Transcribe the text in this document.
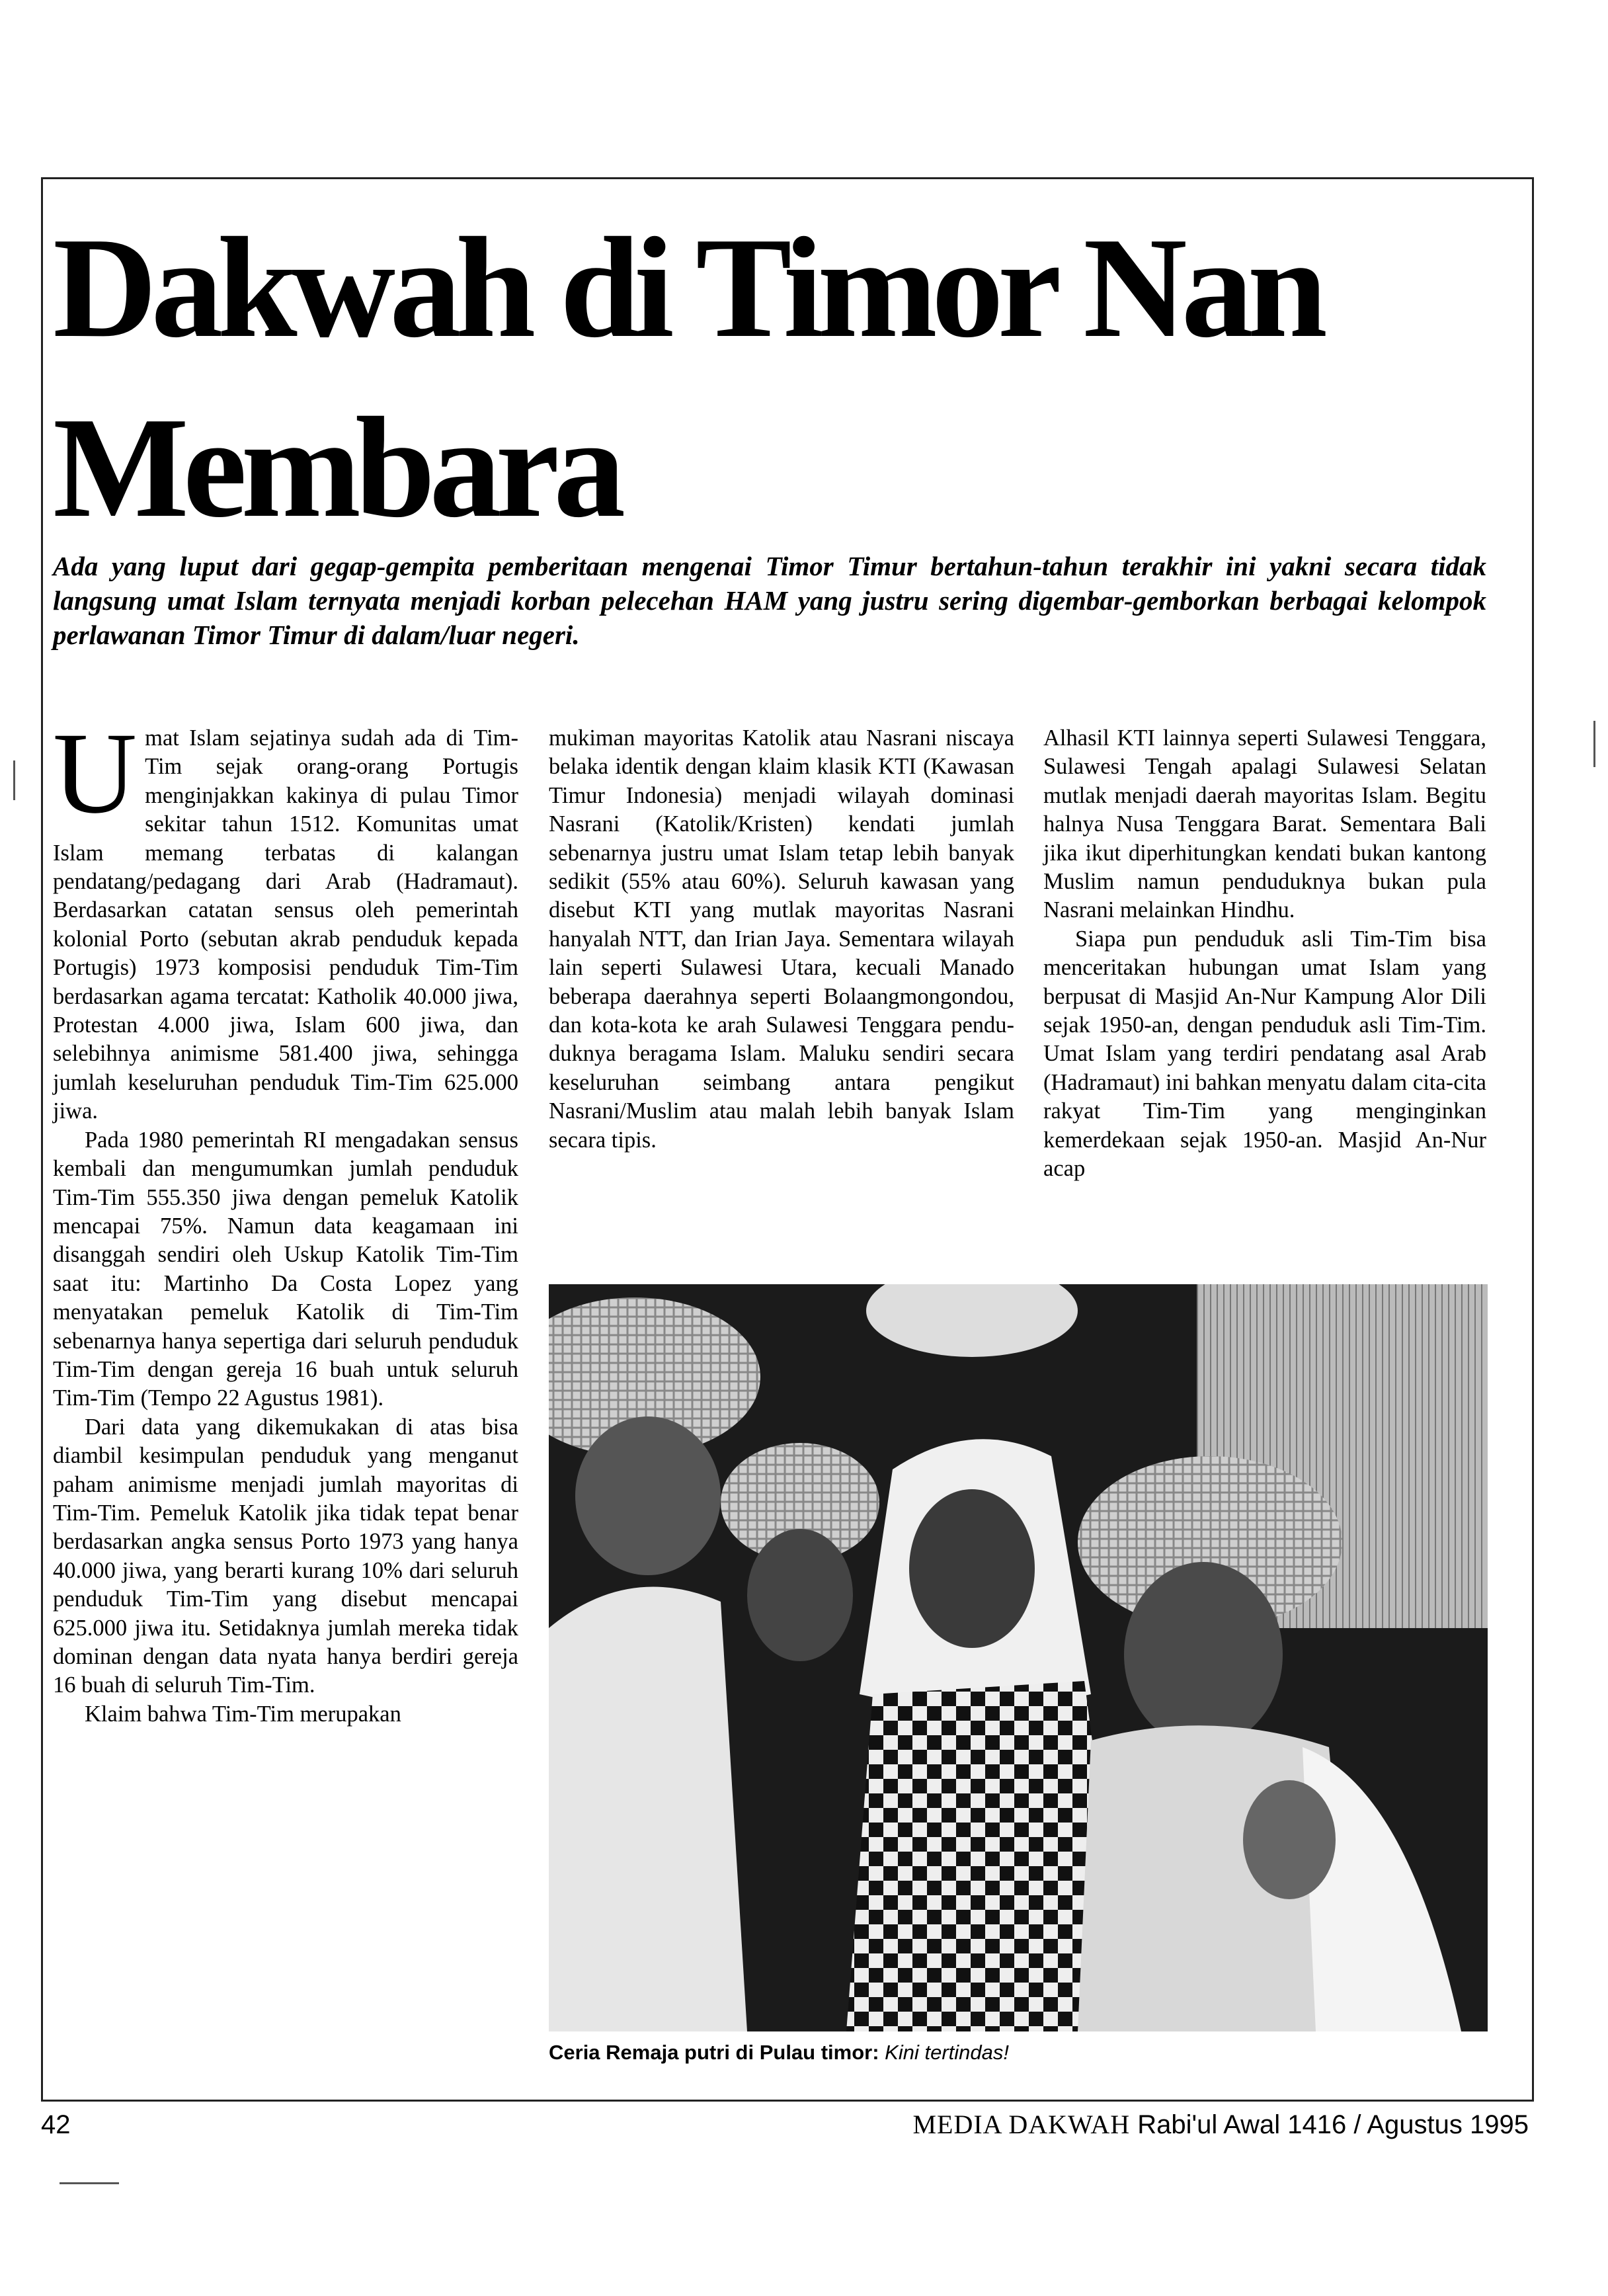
Dakwah di Timor Nan Membara

Ada yang luput dari gegap-gempita pemberitaan mengenai Timor Timur bertahun-tahun terakhir ini yakni secara tidak langsung umat Islam ternyata menjadi korban pelecehan HAM yang justru sering digembar-gemborkan berbagai kelompok perlawanan Timor Timur di dalam/luar negeri.

U mat Islam sejatinya sudah ada di Tim-Tim sejak orang-orang Portugis menginjakkan kakinya di pulau Timor sekitar tahun 1512. Komunitas umat Islam memang terbatas di kalangan pendatang/pedagang dari Arab (Hadramaut). Berdasarkan catatan sensus oleh pemerintah kolonial Porto (sebutan akrab penduduk kepada Portugis) 1973 komposisi penduduk Tim-Tim berdasarkan agama tercatat: Katholik 40.000 jiwa, Protestan 4.000 jiwa, Islam 600 jiwa, dan selebihnya animisme 581.400 jiwa, sehingga jumlah keseluruhan penduduk Tim-Tim 625.000 jiwa.

Pada 1980 pemerintah RI mengadakan sensus kembali dan mengumumkan jumlah penduduk Tim-Tim 555.350 jiwa dengan pemeluk Katolik mencapai 75%. Namun data keagamaan ini disanggah sendiri oleh Uskup Katolik Tim-Tim saat itu: Martinho Da Costa Lopez yang menyatakan pemeluk Katolik di Tim-Tim sebenarnya hanya sepertiga dari seluruh penduduk Tim-Tim dengan gereja 16 buah untuk seluruh Tim-Tim (Tempo 22 Agustus 1981).

Dari data yang dikemukakan di atas bisa diambil kesimpulan penduduk yang menganut paham animisme menjadi jumlah mayoritas di Tim-Tim. Pemeluk Katolik jika tidak tepat benar berdasarkan angka sensus Porto 1973 yang hanya 40.000 jiwa, yang berarti kurang 10% dari seluruh penduduk Tim-Tim yang disebut mencapai 625.000 jiwa itu. Setidaknya jumlah mereka tidak dominan dengan data nyata hanya berdiri gereja 16 buah di seluruh Tim-Tim.

Klaim bahwa Tim-Tim merupakan

mukiman mayoritas Katolik atau Nasrani niscaya belaka identik dengan klaim klasik KTI (Kawasan Timur Indonesia) menjadi wilayah dominasi Nasrani (Katolik/Kristen) kendati jumlah sebenarnya justru umat Islam tetap lebih banyak sedikit (55% atau 60%). Seluruh kawasan yang disebut KTI yang mutlak mayoritas Nasrani hanyalah NTT, dan Irian Jaya. Sementara wilayah lain seperti Sulawesi Utara, kecuali Manado beberapa daerahnya seperti Bolaangmongondou, dan kota-kota ke arah Sulawesi Tenggara pendu-duknya beragama Islam. Maluku sendiri secara keseluruhan seimbang antara pengikut Nasrani/Muslim atau malah lebih banyak Islam secara tipis.

Alhasil KTI lainnya seperti Sulawesi Tenggara, Sulawesi Tengah apalagi Sulawesi Selatan mutlak menjadi daerah mayoritas Islam. Begitu halnya Nusa Tenggara Barat. Sementara Bali jika ikut diperhitungkan kendati bukan kantong Muslim namun penduduknya bukan pula Nasrani melainkan Hindhu.

Siapa pun penduduk asli Tim-Tim bisa menceritakan hubungan umat Islam yang berpusat di Masjid An-Nur Kampung Alor Dili sejak 1950-an, dengan penduduk asli Tim-Tim. Umat Islam yang terdiri pendatang asal Arab (Hadramaut) ini bahkan menyatu dalam cita-cita rakyat Tim-Tim yang menginginkan kemerdekaan sejak 1950-an. Masjid An-Nur acap

Ceria Remaja putri di Pulau timor: Kini tertindas!
42	MEDIA DAKWAH Rabi'ul Awal 1416 / Agustus 1995
